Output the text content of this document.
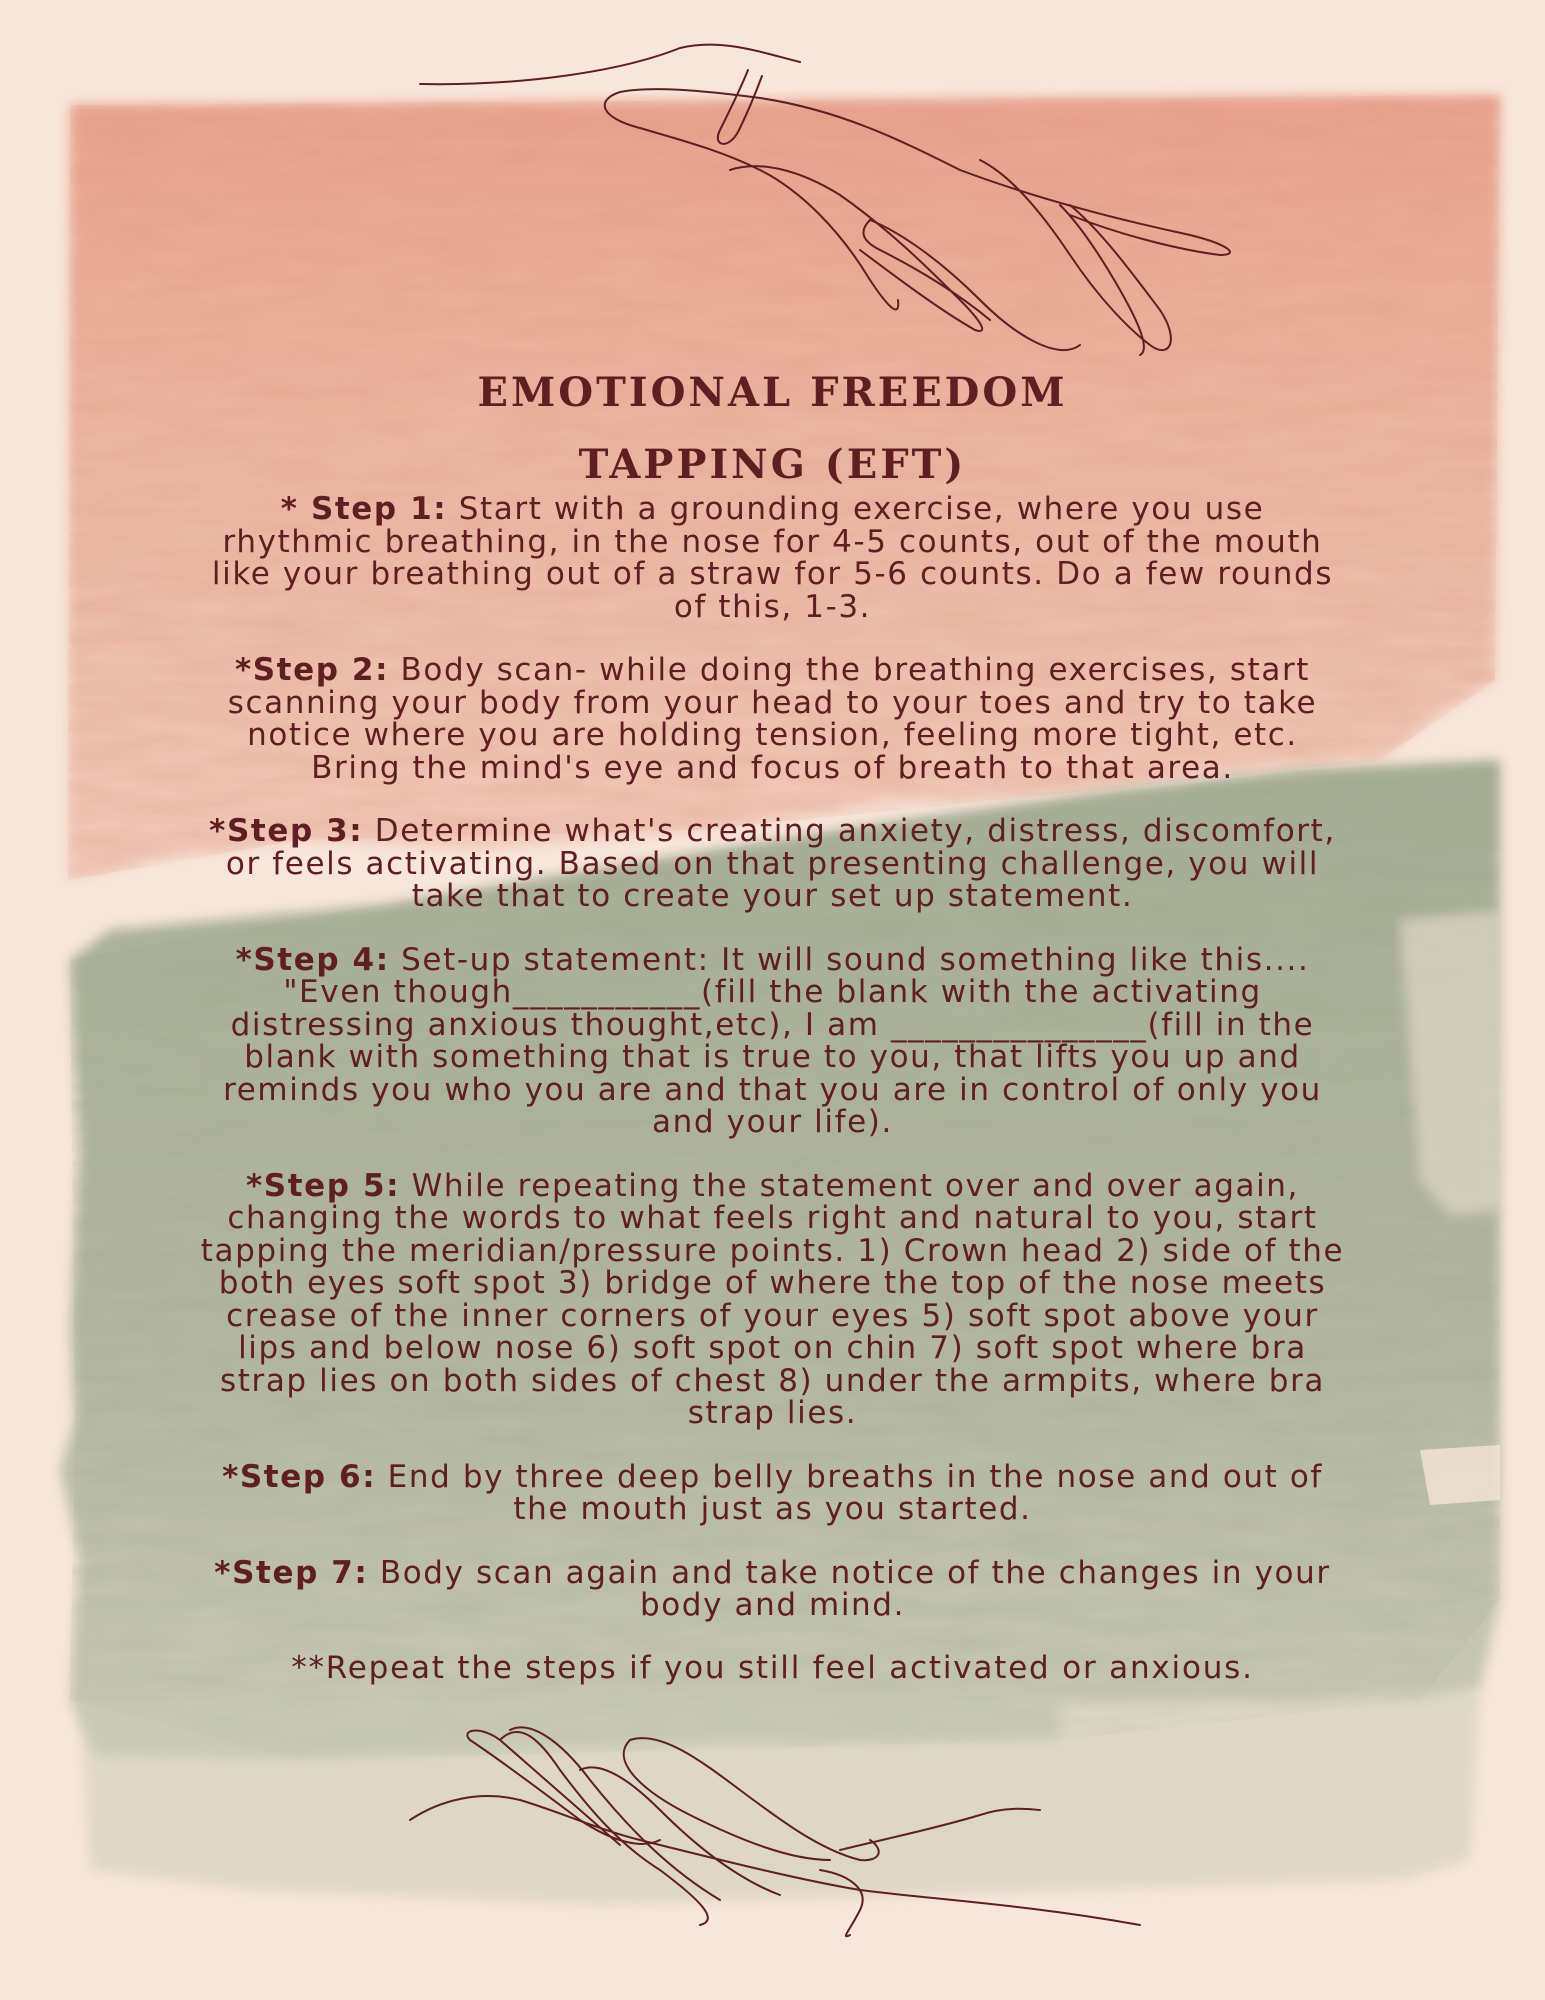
EMOTIONAL FREEDOM
TAPPING (EFT)

* Step 1: Start with a grounding exercise, where you use rhythmic breathing, in the nose for 4-5 counts, out of the mouth like your breathing out of a straw for 5-6 counts. Do a few rounds of this, 1-3.

*Step 2: Body scan- while doing the breathing exercises, start scanning your body from your head to your toes and try to take notice where you are holding tension, feeling more tight, etc. Bring the mind's eye and focus of breath to that area.

*Step 3: Determine what's creating anxiety, distress, discomfort, or feels activating. Based on that presenting challenge, you will take that to create your set up statement.

*Step 4: Set-up statement: It will sound something like this.... "Even though___________(fill the blank with the activating distressing anxious thought,etc), I am _______________(fill in the blank with something that is true to you, that lifts you up and reminds you who you are and that you are in control of only you and your life).

*Step 5: While repeating the statement over and over again, changing the words to what feels right and natural to you, start tapping the meridian/pressure points. 1) Crown head 2) side of the both eyes soft spot 3) bridge of where the top of the nose meets crease of the inner corners of your eyes 5) soft spot above your lips and below nose 6) soft spot on chin 7) soft spot where bra strap lies on both sides of chest 8) under the armpits, where bra strap lies.

*Step 6: End by three deep belly breaths in the nose and out of the mouth just as you started.

*Step 7: Body scan again and take notice of the changes in your body and mind.

**Repeat the steps if you still feel activated or anxious.
